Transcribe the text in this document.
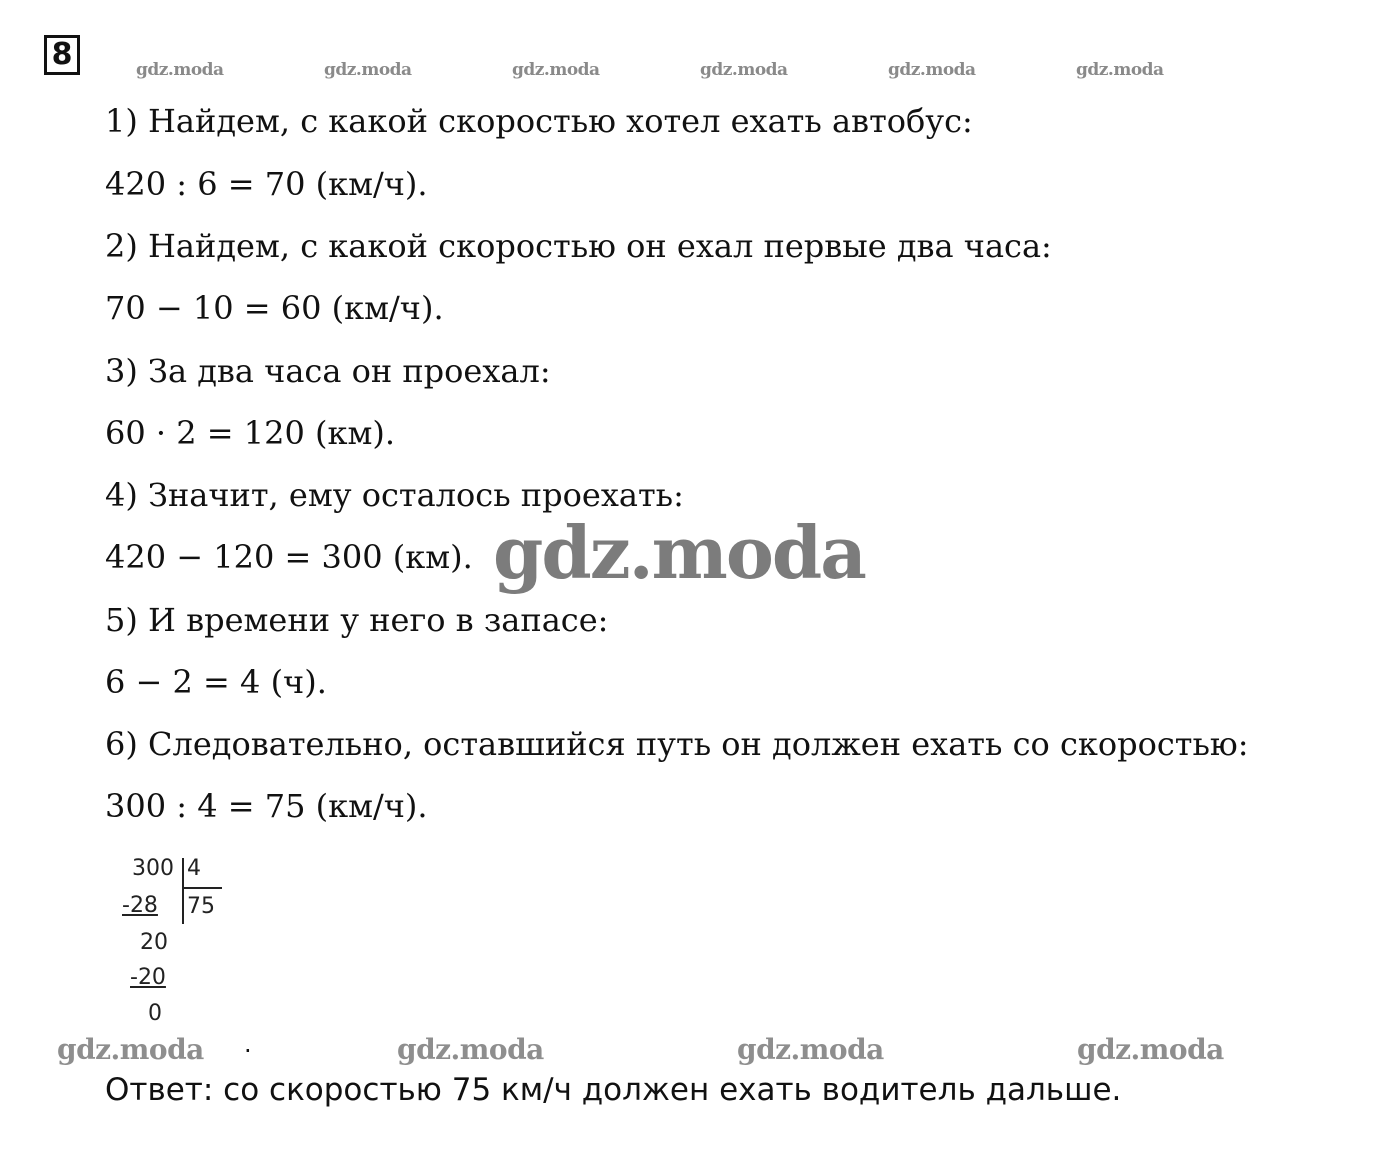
8	gdz.moda	gdz.moda	gdz.moda	gdz.moda	gdz.moda	gdz.moda
1) Найдем, с какой скоростью хотел ехать автобус:
420 : 6 = 70 (км/ч).
2) Найдем, с какой скоростью он ехал первые два часа:
70 − 10 = 60 (км/ч).
3) За два часа он проехал:
60 · 2 = 120 (км).
4) Значит, ему осталось проехать:
420 − 120 = 300 (км).
5) И времени у него в запасе:
6 − 2 = 4 (ч).
6) Следовательно, оставшийся путь он должен ехать со скоростью:
300 : 4 = 75 (км/ч).
gdz.moda
300 4
-28 75
20
-20
0
.
gdz.moda	gdz.moda	gdz.moda	gdz.moda
Ответ: со скоростью 75 км/ч должен ехать водитель дальше.
